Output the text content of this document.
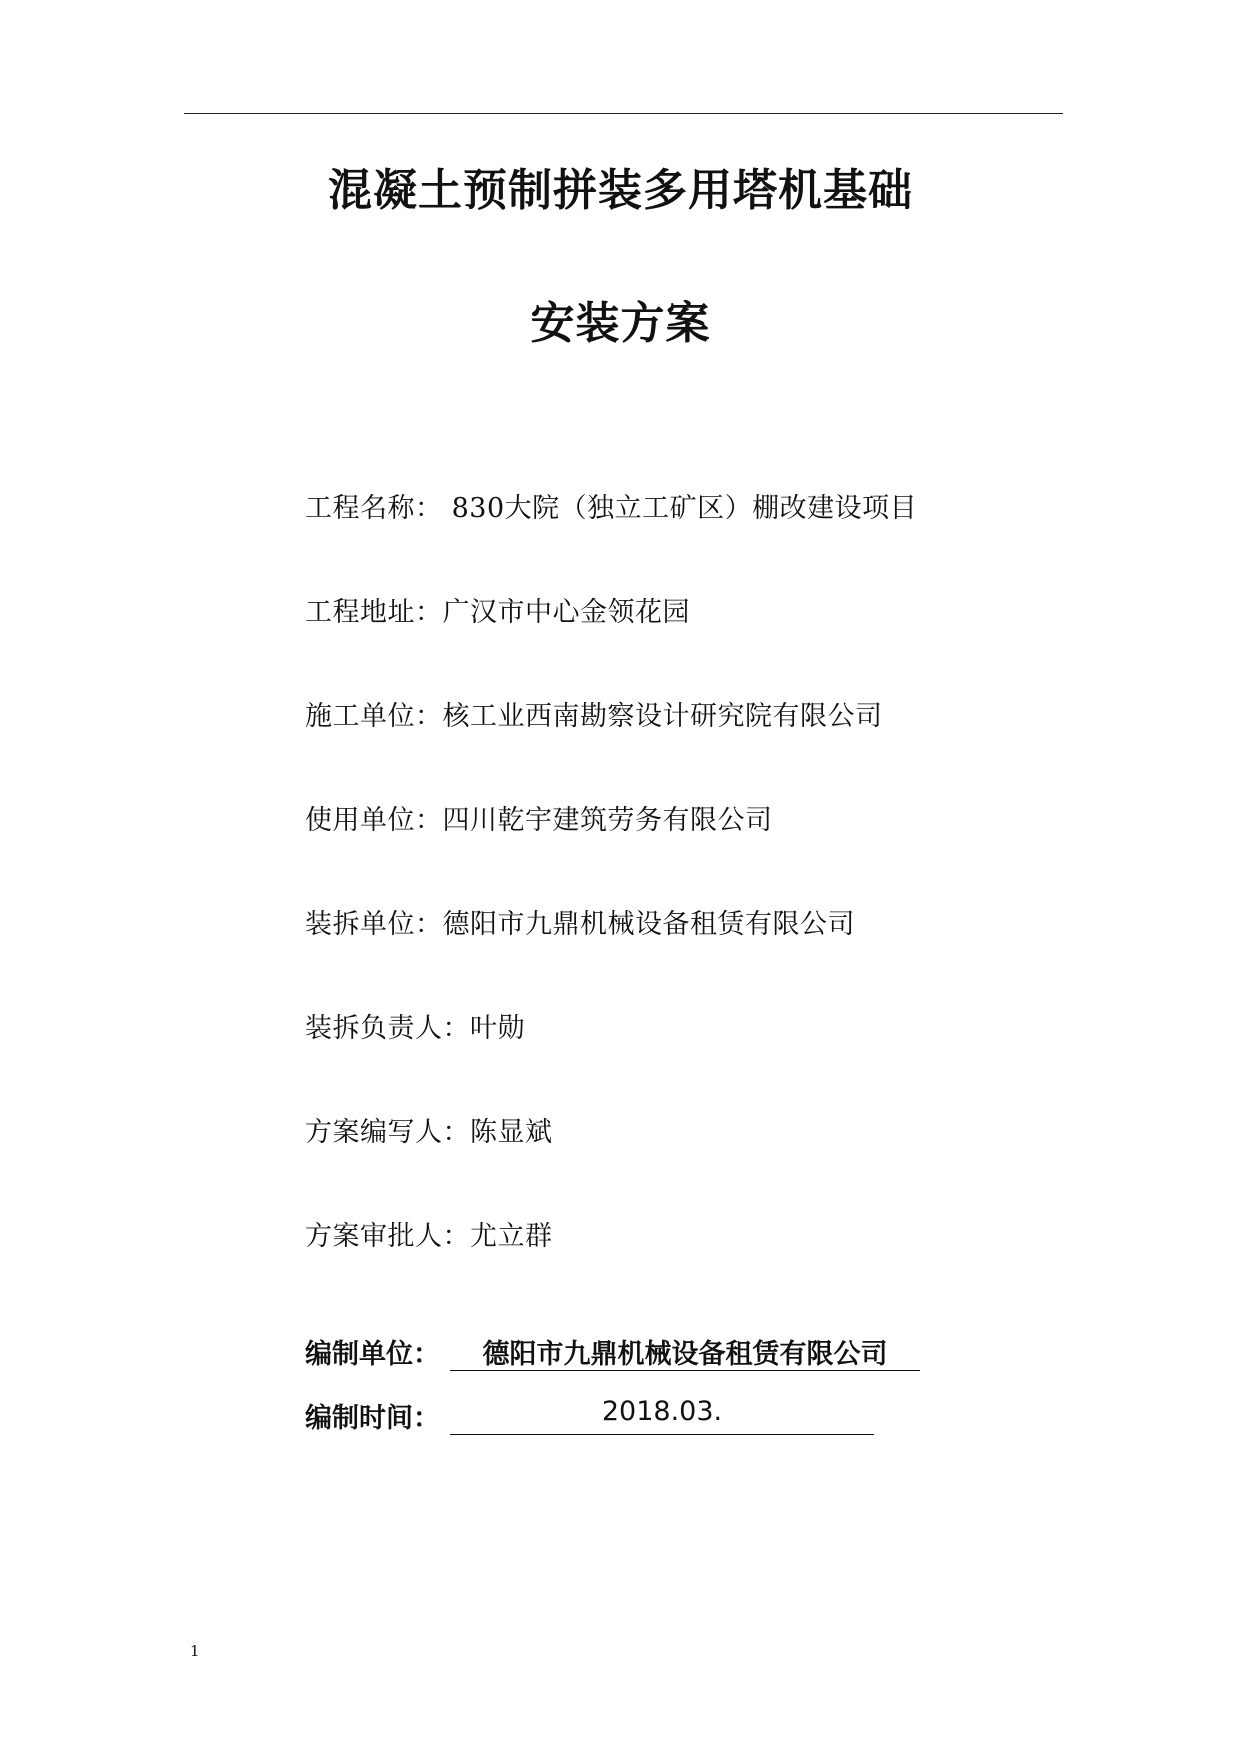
混凝土预制拼装多用塔机基础
安装方案
工程名称： 830大院（独立工矿区）棚改建设项目
工程地址：广汉市中心金领花园
施工单位：核工业西南勘察设计研究院有限公司
使用单位：四川乾宇建筑劳务有限公司
装拆单位：德阳市九鼎机械设备租赁有限公司
装拆负责人：叶勋
方案编写人：陈显斌
方案审批人：尤立群
编制单位：	德阳市九鼎机械设备租赁有限公司
编制时间：	2018.03.
1
